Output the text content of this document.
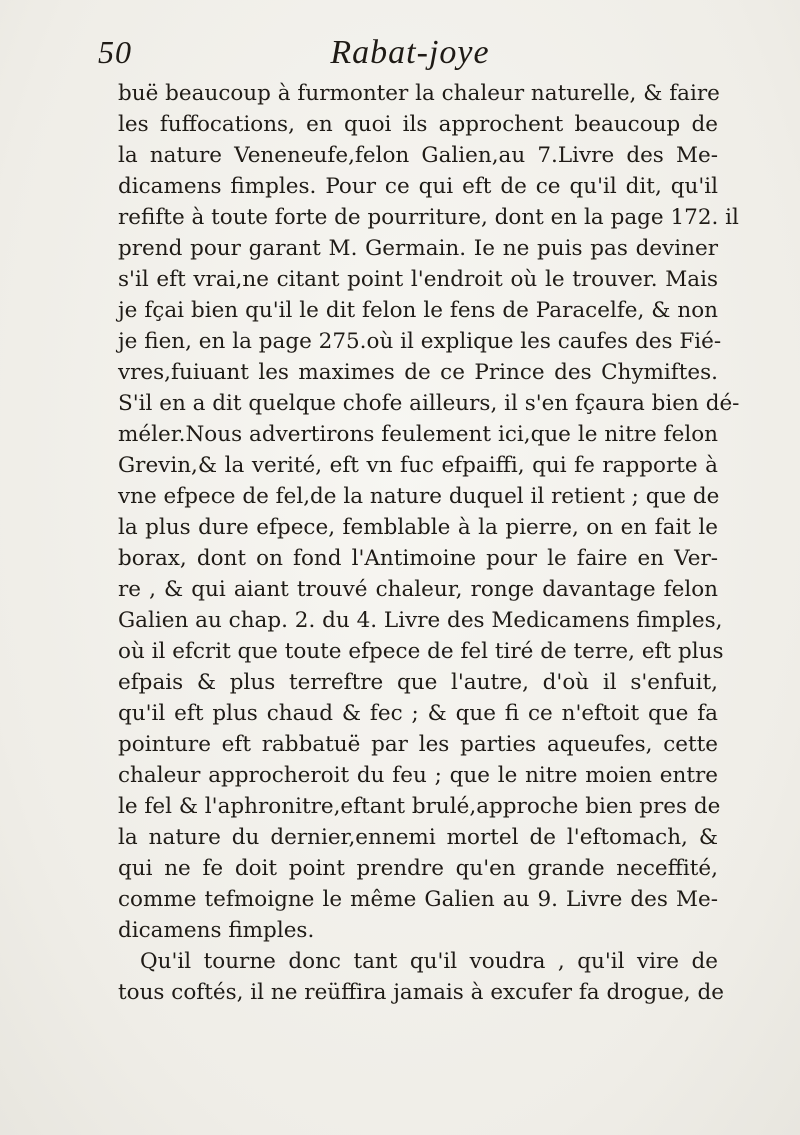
50	Rabat-joye
buë beaucoup à furmonter la chaleur naturelle, & faire
les fuffocations, en quoi ils approchent beaucoup de
la nature Veneneufe,felon Galien,au 7.Livre des Me-
dicamens fimples. Pour ce qui eft de ce qu'il dit, qu'il
refifte à toute forte de pourriture, dont en la page 172. il
prend pour garant M. Germain. Ie ne puis pas deviner
s'il eft vrai,ne citant point l'endroit où le trouver. Mais
je fçai bien qu'il le dit felon le fens de Paracelfe, & non
je fien, en la page 275.où il explique les caufes des Fié-
vres,fuiuant les maximes de ce Prince des Chymiftes.
S'il en a dit quelque chofe ailleurs, il s'en fçaura bien dé-
méler.Nous advertirons feulement ici,que le nitre felon
Grevin,& la verité, eft vn fuc efpaiffi, qui fe rapporte à
vne efpece de fel,de la nature duquel il retient ; que de
la plus dure efpece, femblable à la pierre, on en fait le
borax, dont on fond l'Antimoine pour le faire en Ver-
re , & qui aiant trouvé chaleur, ronge davantage felon
Galien au chap. 2. du 4. Livre des Medicamens fimples,
où il efcrit que toute efpece de fel tiré de terre, eft plus
efpais & plus terreftre que l'autre, d'où il s'enfuit,
qu'il eft plus chaud & fec ; & que fi ce n'eftoit que fa
pointure eft rabbatuë par les parties aqueufes, cette
chaleur approcheroit du feu ; que le nitre moien entre
le fel & l'aphronitre,eftant brulé,approche bien pres de
la nature du dernier,ennemi mortel de l'eftomach, &
qui ne fe doit point prendre qu'en grande neceffité,
comme tefmoigne le même Galien au 9. Livre des Me-
dicamens fimples.
Qu'il tourne donc tant qu'il voudra , qu'il vire de
tous coftés, il ne reüffira jamais à excufer fa drogue, de
